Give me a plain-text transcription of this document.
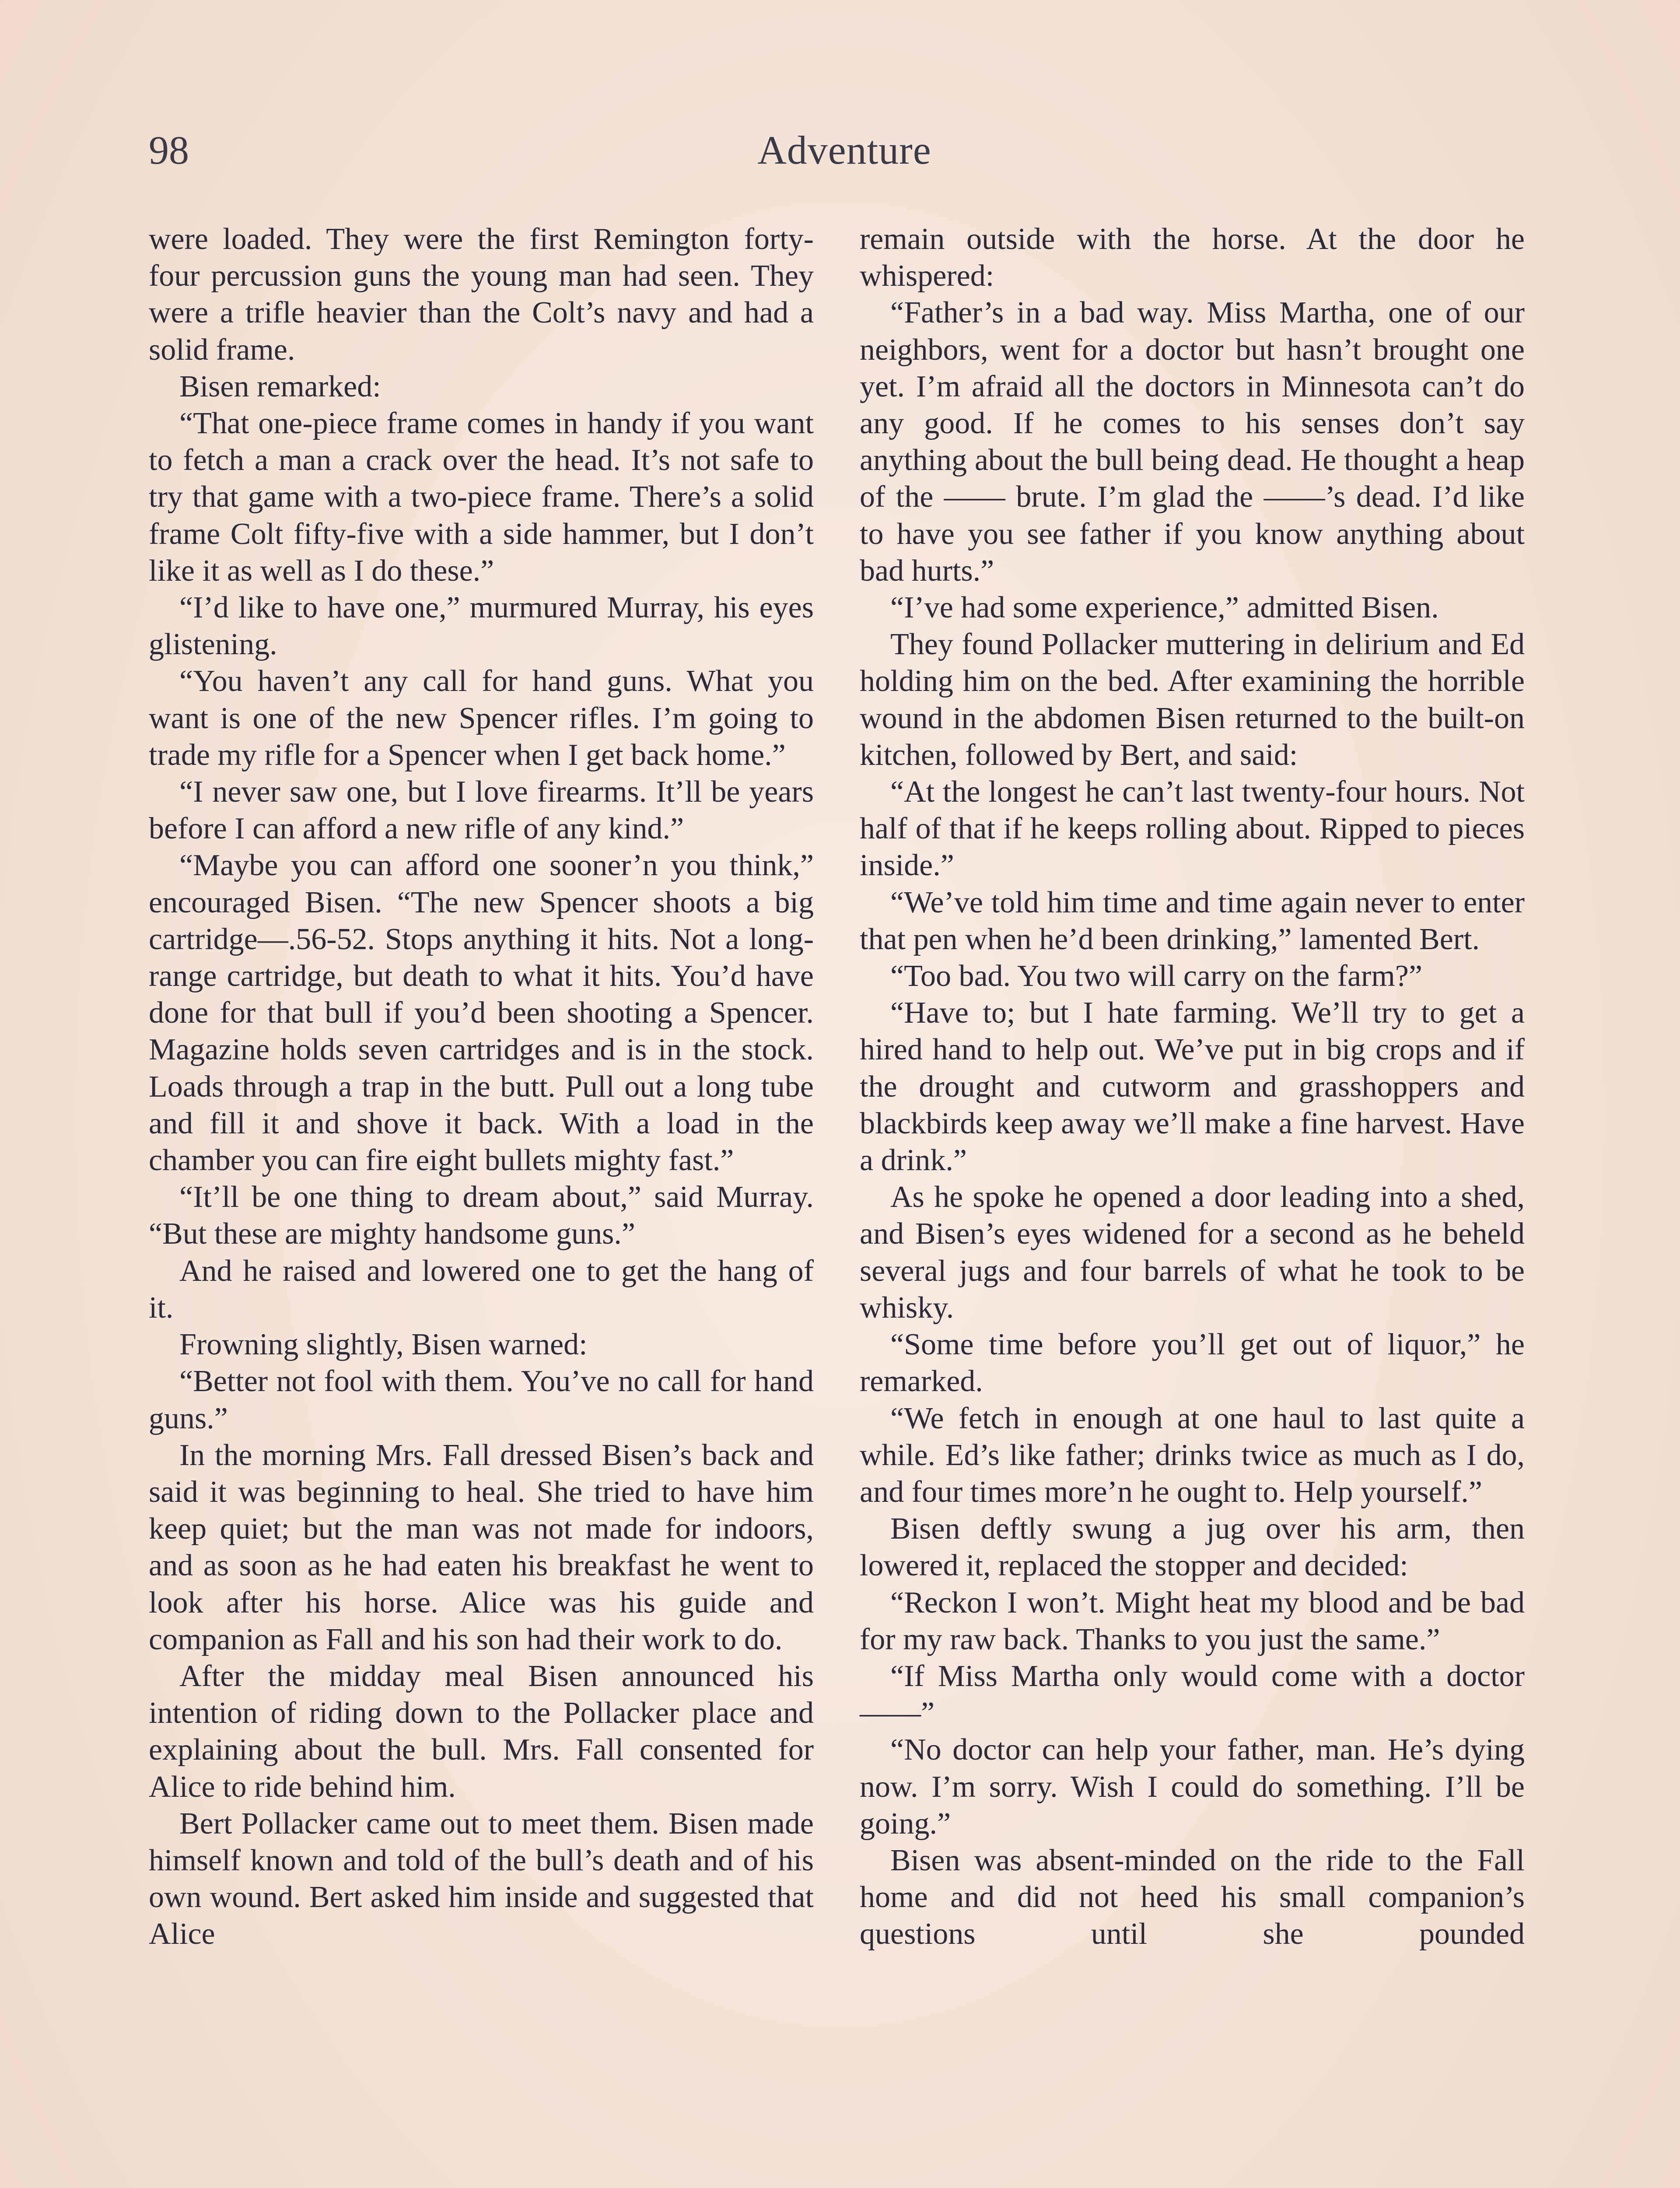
98	Adventure

were loaded. They were the first Remington forty-four percussion guns the young man had seen. They were a trifle heavier than the Colt’s navy and had a solid frame.

Bisen remarked:

“That one-piece frame comes in handy if you want to fetch a man a crack over the head. It’s not safe to try that game with a two-piece frame. There’s a solid frame Colt fifty-five with a side hammer, but I don’t like it as well as I do these.”

“I’d like to have one,” murmured Murray, his eyes glistening.

“You haven’t any call for hand guns. What you want is one of the new Spencer rifles. I’m going to trade my rifle for a Spencer when I get back home.”

“I never saw one, but I love firearms. It’ll be years before I can afford a new rifle of any kind.”

“Maybe you can afford one sooner’n you think,” encouraged Bisen. “The new Spencer shoots a big cartridge—.56-52. Stops anything it hits. Not a long-range cartridge, but death to what it hits. You’d have done for that bull if you’d been shooting a Spencer. Magazine holds seven cartridges and is in the stock. Loads through a trap in the butt. Pull out a long tube and fill it and shove it back. With a load in the chamber you can fire eight bullets mighty fast.”

“It’ll be one thing to dream about,” said Murray. “But these are mighty handsome guns.”

And he raised and lowered one to get the hang of it.

Frowning slightly, Bisen warned:

“Better not fool with them. You’ve no call for hand guns.”

In the morning Mrs. Fall dressed Bisen’s back and said it was beginning to heal. She tried to have him keep quiet; but the man was not made for indoors, and as soon as he had eaten his breakfast he went to look after his horse. Alice was his guide and companion as Fall and his son had their work to do.

After the midday meal Bisen announced his intention of riding down to the Pollacker place and explaining about the bull. Mrs. Fall consented for Alice to ride behind him.

Bert Pollacker came out to meet them. Bisen made himself known and told of the bull’s death and of his own wound. Bert asked him inside and suggested that Alice

remain outside with the horse. At the door he whispered:

“Father’s in a bad way. Miss Martha, one of our neighbors, went for a doctor but hasn’t brought one yet. I’m afraid all the doctors in Minnesota can’t do any good. If he comes to his senses don’t say anything about the bull being dead. He thought a heap of the —— brute. I’m glad the ——’s dead. I’d like to have you see father if you know anything about bad hurts.”

“I’ve had some experience,” admitted Bisen.

They found Pollacker muttering in delirium and Ed holding him on the bed. After examining the horrible wound in the abdomen Bisen returned to the built-on kitchen, followed by Bert, and said:

“At the longest he can’t last twenty-four hours. Not half of that if he keeps rolling about. Ripped to pieces inside.”

“We’ve told him time and time again never to enter that pen when he’d been drinking,” lamented Bert.

“Too bad. You two will carry on the farm?”

“Have to; but I hate farming. We’ll try to get a hired hand to help out. We’ve put in big crops and if the drought and cutworm and grasshoppers and blackbirds keep away we’ll make a fine harvest. Have a drink.”

As he spoke he opened a door leading into a shed, and Bisen’s eyes widened for a second as he beheld several jugs and four barrels of what he took to be whisky.

“Some time before you’ll get out of liquor,” he remarked.

“We fetch in enough at one haul to last quite a while. Ed’s like father; drinks twice as much as I do, and four times more’n he ought to. Help yourself.”

Bisen deftly swung a jug over his arm, then lowered it, replaced the stopper and decided:

“Reckon I won’t. Might heat my blood and be bad for my raw back. Thanks to you just the same.”

“If Miss Martha only would come with a doctor——”

“No doctor can help your father, man. He’s dying now. I’m sorry. Wish I could do something. I’ll be going.”

Bisen was absent-minded on the ride to the Fall home and did not heed his small companion’s questions until she pounded
